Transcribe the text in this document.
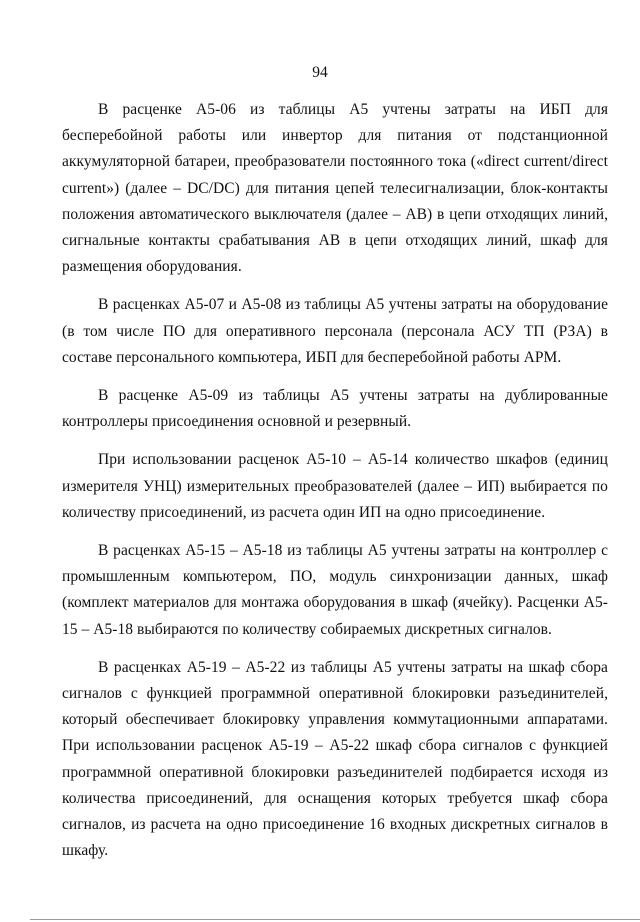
94

В расценке А5-06 из таблицы А5 учтены затраты на ИБП для бесперебойной работы или инвертор для питания от подстанционной аккумуляторной батареи, преобразователи постоянного тока («direct current/direct current») (далее – DC/DC) для питания цепей телесигнализации, блок-контакты положения автоматического выключателя (далее – АВ) в цепи отходящих линий, сигнальные контакты срабатывания АВ в цепи отходящих линий, шкаф для размещения оборудования.

В расценках А5-07 и А5-08 из таблицы А5 учтены затраты на оборудование (в том числе ПО для оперативного персонала (персонала АСУ ТП (РЗА) в составе персонального компьютера, ИБП для бесперебойной работы АРМ.

В расценке А5-09 из таблицы А5 учтены затраты на дублированные контроллеры присоединения основной и резервный.

При использовании расценок А5-10 – А5-14 количество шкафов (единиц измерителя УНЦ) измерительных преобразователей (далее – ИП) выбирается по количеству присоединений, из расчета один ИП на одно присоединение.

В расценках А5-15 – А5-18 из таблицы А5 учтены затраты на контроллер с промышленным компьютером, ПО, модуль синхронизации данных, шкаф (комплект материалов для монтажа оборудования в шкаф (ячейку). Расценки А5-15 – А5-18 выбираются по количеству собираемых дискретных сигналов.

В расценках А5-19 – А5-22 из таблицы А5 учтены затраты на шкаф сбора сигналов с функцией программной оперативной блокировки разъединителей, который обеспечивает блокировку управления коммутационными аппаратами. При использовании расценок А5-19 – А5-22 шкаф сбора сигналов с функцией программной оперативной блокировки разъединителей подбирается исходя из количества присоединений, для оснащения которых требуется шкаф сбора сигналов, из расчета на одно присоединение 16 входных дискретных сигналов в шкафу.
